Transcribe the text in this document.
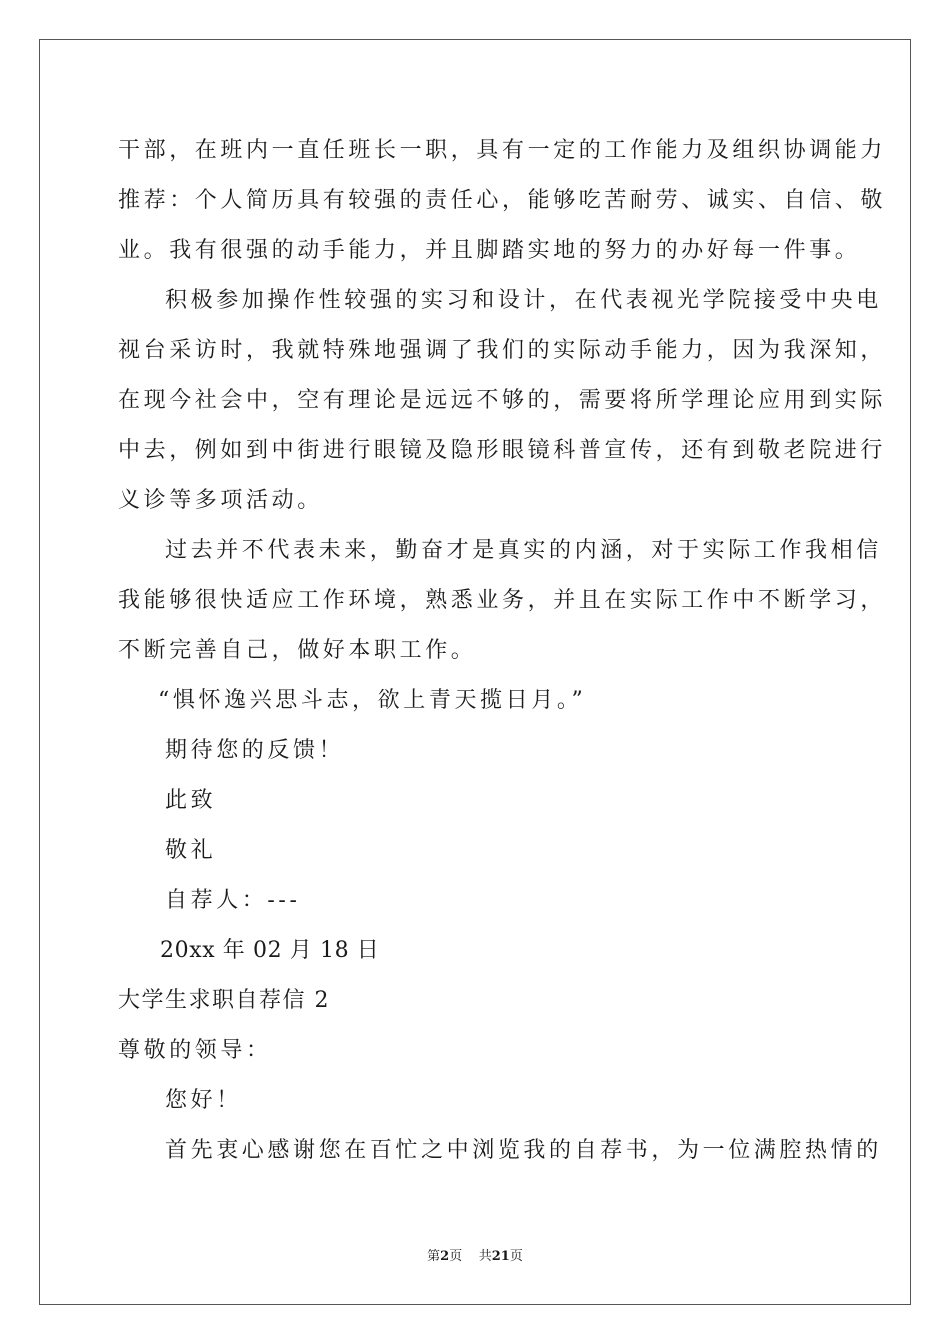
干部，在班内一直任班长一职，具有一定的工作能力及组织协调能力

推荐：个人简历具有较强的责任心，能够吃苦耐劳、诚实、自信、敬

业。我有很强的动手能力，并且脚踏实地的努力的办好每一件事。

积极参加操作性较强的实习和设计，在代表视光学院接受中央电

视台采访时，我就特殊地强调了我们的实际动手能力，因为我深知，

在现今社会中，空有理论是远远不够的，需要将所学理论应用到实际

中去，例如到中街进行眼镜及隐形眼镜科普宣传，还有到敬老院进行

义诊等多项活动。

过去并不代表未来，勤奋才是真实的内涵，对于实际工作我相信

我能够很快适应工作环境，熟悉业务，并且在实际工作中不断学习，

不断完善自己，做好本职工作。

“惧怀逸兴思斗志，欲上青天揽日月。”

期待您的反馈！

此致

敬礼

自荐人：---

20xx 年 02 月 18 日

大学生求职自荐信 2

尊敬的领导：

您好！

首先衷心感谢您在百忙之中浏览我的自荐书，为一位满腔热情的

第2页 共21页
